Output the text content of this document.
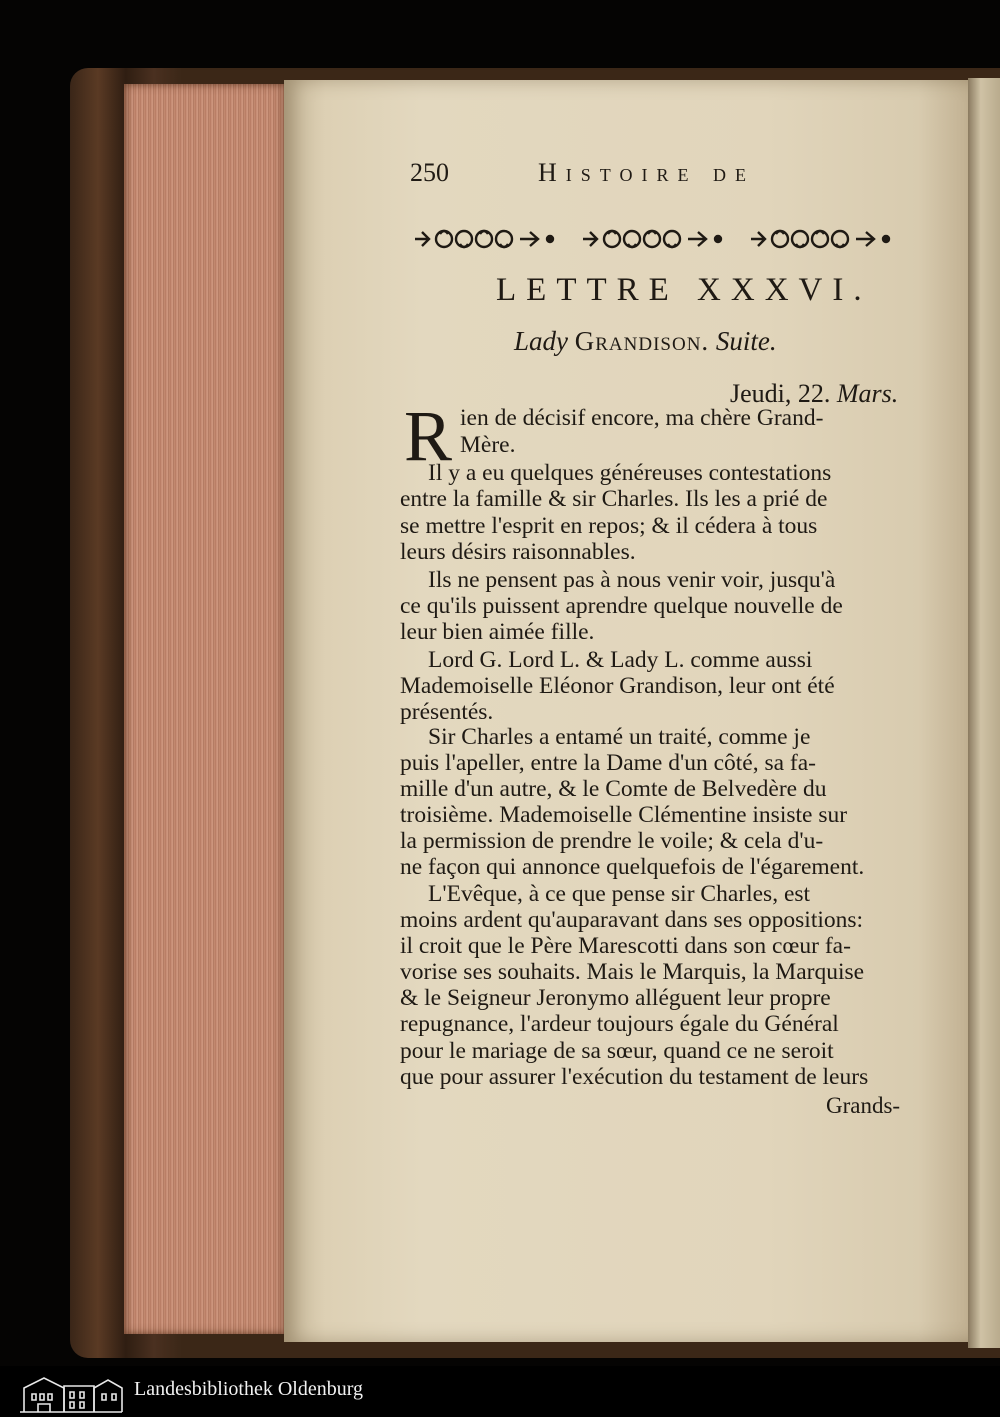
250	Histoire de
LETTRE XXXVI.
Lady Grandison. Suite.
Jeudi, 22. Mars.
R ien de décisif encore, ma chère Grand-
Mère.
Il y a eu quelques généreuses contestations
entre la famille & sir Charles. Ils les a prié de
se mettre l'esprit en repos; & il cédera à tous
leurs désirs raisonnables.
Ils ne pensent pas à nous venir voir, jusqu'à
ce qu'ils puissent aprendre quelque nouvelle de
leur bien aimée fille.
Lord G. Lord L. & Lady L. comme aussi
Mademoiselle Eléonor Grandison, leur ont été
présentés.
Sir Charles a entamé un traité, comme je
puis l'apeller, entre la Dame d'un côté, sa fa-
mille d'un autre, & le Comte de Belvedère du
troisième. Mademoiselle Clémentine insiste sur
la permission de prendre le voile; & cela d'u-
ne façon qui annonce quelquefois de l'égarement.
L'Evêque, à ce que pense sir Charles, est
moins ardent qu'auparavant dans ses oppositions:
il croit que le Père Marescotti dans son cœur fa-
vorise ses souhaits. Mais le Marquis, la Marquise
& le Seigneur Jeronymo alléguent leur propre
repugnance, l'ardeur toujours égale du Général
pour le mariage de sa sœur, quand ce ne seroit
que pour assurer l'exécution du testament de leurs
Grands-
Landesbibliothek Oldenburg
